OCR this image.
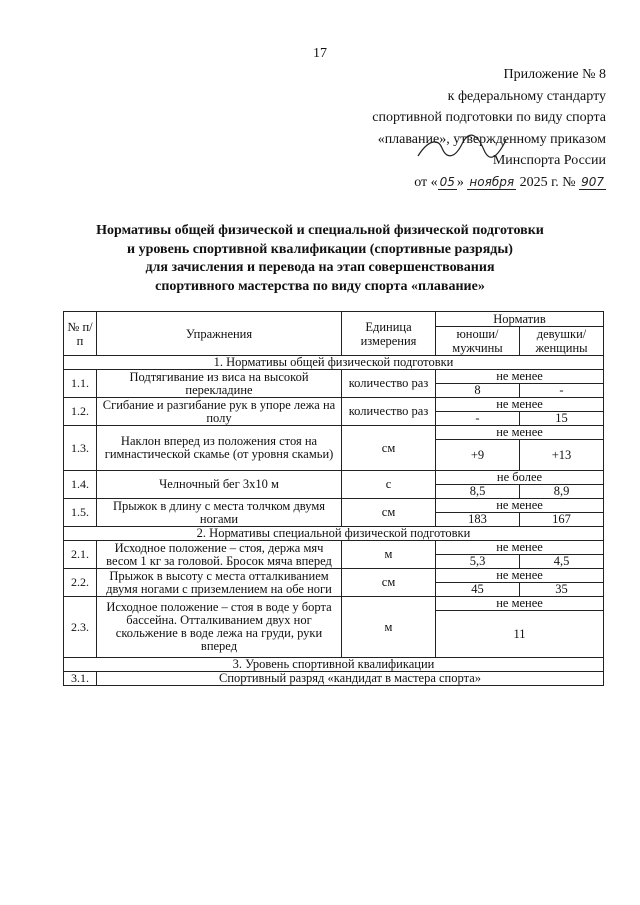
17
Приложение № 8
к федеральному стандарту
спортивной подготовки по виду спорта
«плавание», утвержденному приказом
Минспорта России
от « 05 » ноября 2025 г. № 907
Нормативы общей физической и специальной физической подготовки
и уровень спортивной квалификации (спортивные разряды)
для зачисления и перевода на этап совершенствования
спортивного мастерства по виду спорта «плавание»
№ п/п	Упражнения	Единица измерения	Норматив	
			юноши/ мужчины	девушки/ женщины
1. Нормативы общей физической подготовки				
1.1.	Подтягивание из виса на высокой перекладине	количество раз	не менее	
			8	-
1.2.	Сгибание и разгибание рук в упоре лежа на полу	количество раз	не менее	
			-	15
1.3.	Наклон вперед из положения стоя на гимнастической скамье (от уровня скамьи)	см	не менее	
			+9	+13
1.4.	Челночный бег 3х10 м	с	не более	
			8,5	8,9
1.5.	Прыжок в длину с места толчком двумя ногами	см	не менее	
			183	167
2. Нормативы специальной физической подготовки				
2.1.	Исходное положение – стоя, держа мяч весом 1 кг за головой. Бросок мяча вперед	м	не менее	
			5,3	4,5
2.2.	Прыжок в высоту с места отталкиванием двумя ногами с приземлением на обе ноги	см	не менее	
			45	35
2.3.	Исходное положение – стоя в воде у борта бассейна. Отталкиванием двух ног скольжение в воде лежа на груди, руки вперед	м	не менее	
			11	
3. Уровень спортивной квалификации				
3.1.	Спортивный разряд «кандидат в мастера спорта»			
